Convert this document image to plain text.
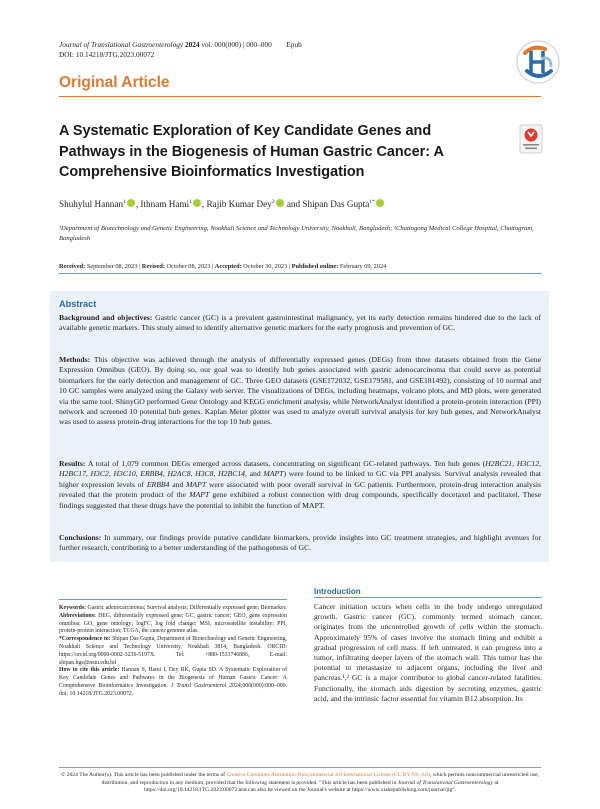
Journal of Translational Gastroenterology 2024 vol. 000(000) | 000–000        Epub
DOI: 10.14218/JTG.2023.00072
Original Article
A Systematic Exploration of Key Candidate Genes and Pathways in the Biogenesis of Human Gastric Cancer: A Comprehensive Bioinformatics Investigation
Shuhylul Hannan$^1$ , Ithnam Hami$^1$ , Rajib Kumar Dey$^2$ and Shipan Das Gupta$^{1*}$
¹Department of Biotechnology and Genetic Engineering, Noakhali Science and Technology University, Noakhali, Bangladesh; ²Chattogong Medical College Hospital, Chattogram, Bangladesh
Received: September 08, 2023 | Revised: October 08, 2023 | Accepted: October 30, 2023 | Published online: February 09, 2024
Abstract

Background and objectives: Gastric cancer (GC) is a prevalent gastrointestinal malignancy, yet its early detection remains hindered due to the lack of available genetic markers. This study aimed to identify alternative genetic markers for the early prognosis and prevention of GC.

Methods: This objective was achieved through the analysis of differentially expressed genes (DEGs) from three datasets obtained from the Gene Expression Omnibus (GEO). By doing so, our goal was to identify hub genes associated with gastric adenocarcinoma that could serve as potential biomarkers for the early detection and management of GC. Three GEO datasets (GSE172032, GSE179581, and GSE181492), consisting of 10 normal and 10 GC samples were analyzed using the Galaxy web server. The visualizations of DEGs, including heatmaps, volcano plots, and MD plots, were generated via the same tool. ShinyGO performed Gene Ontology and KEGG enrichment analysis, while NetworkAnalyst identified a protein-protein interaction (PPI) network and screened 10 potential hub genes. Kaplan Meier plotter was used to analyze overall survival analysis for key hub genes, and NetworkAnalyst was used to assess protein-drug interactions for the top 10 hub genes.

Results: A total of 1,079 common DEGs emerged across datasets, concentrating on significant GC-related pathways. Ten hub genes (H2BC21, H3C12, H2BC17, H3C2, H3C10, ERBB4, H2AC8, H3C8, H2BC14, and MAPT) were found to be linked to GC via PPI analysis. Survival analysis revealed that higher expression levels of ERBB4 and MAPT were associated with poor overall survival in GC patients. Furthermore, protein-drug interaction analysis revealed that the protein product of the MAPT gene exhibited a robust connection with drug compounds, specifically docetaxel and paclitaxel. These findings suggested that these drugs have the potential to inhibit the function of MAPT.

Conclusions: In summary, our findings provide putative candidate biomarkers, provide insights into GC treatment strategies, and highlight avenues for further research, contributing to a better understanding of the pathogenesis of GC.

Keywords: Gastric adenocarcinoma; Survival analysis; Differentially expressed gene; Biomarker.

Abbreviations: DEG, differentially expressed gene; GC, gastric cancer; GEO, gene expression omnibus; GO, gene ontology; logFC, log fold change; MSI, microsatellite instability; PPI, protein-protein interaction; TCGA, the cancer genome atlas.

*Correspondence to: Shipan Das Gupta, Department of Biotechnology and Genetic Engineering, Noakhali Science and Technology University, Noakhali 3814, Bangladesh. ORCID: https://orcid.org/0000-0002-3236-5197X. Tel: +880-1533746886, E-mail: shipan.bge@nstu.edu.bd

How to cite this article: Hannan S, Hami I, Dey RK, Gupta SD. A Systematic Exploration of Key Candidate Genes and Pathways in the Biogenesis of Human Gastric Cancer: A Comprehensive Bioinformatics Investigation. J Transl Gastroenterol 2024;000(000):000–000. doi: 10.14218/JTG.2023.00072.

Introduction

Cancer initiation occurs when cells in the body undergo unregulated growth. Gastric cancer (GC), commonly termed stomach cancer, originates from the uncontrolled growth of cells within the stomach. Approximately 95% of cases involve the stomach lining and exhibit a gradual progression of cell mass. If left untreated, it can progress into a tumor, infiltrating deeper layers of the stomach wall. This tumor has the potential to metastasize to adjacent organs, including the liver and pancreas.¹,² GC is a major contributor to global cancer-related fatalities. Functionally, the stomach aids digestion by secreting enzymes, gastric acid, and the intrinsic factor essential for vitamin B12 absorption. Its

© 2024 The Author(s). This article has been published under the terms of Creative Commons Attribution-Noncommercial 4.0 International License (CC BY-NC 4.0), which permits noncommercial unrestricted use, distribution, and reproduction in any medium, provided that the following statement is provided. "This article has been published in Journal of Translational Gastroenterology at https://doi.org/10.14218/JTG.2023.00072 and can also be viewed on the Journal's website at https://www.xiahepublishing.com/journal/jtg".
